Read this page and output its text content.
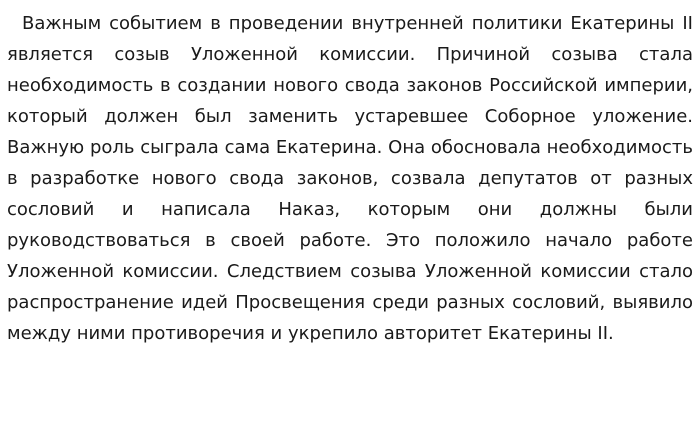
Важным событием в проведении внутренней политики Екатерины II является созыв Уложенной комиссии. Причиной созыва стала необходимость в создании нового свода законов Российской империи, который должен был заменить устаревшее Соборное уложение. Важную роль сыграла сама Екатерина. Она обосновала необходимость в разработке нового свода законов, созвала депутатов от разных сословий и написала Наказ, которым они должны были руководствоваться в своей работе. Это положило начало работе Уложенной комиссии. Следствием созыва Уложенной комиссии стало распространение идей Просвещения среди разных сословий, выявило между ними противоречия и укрепило авторитет Екатерины II.
